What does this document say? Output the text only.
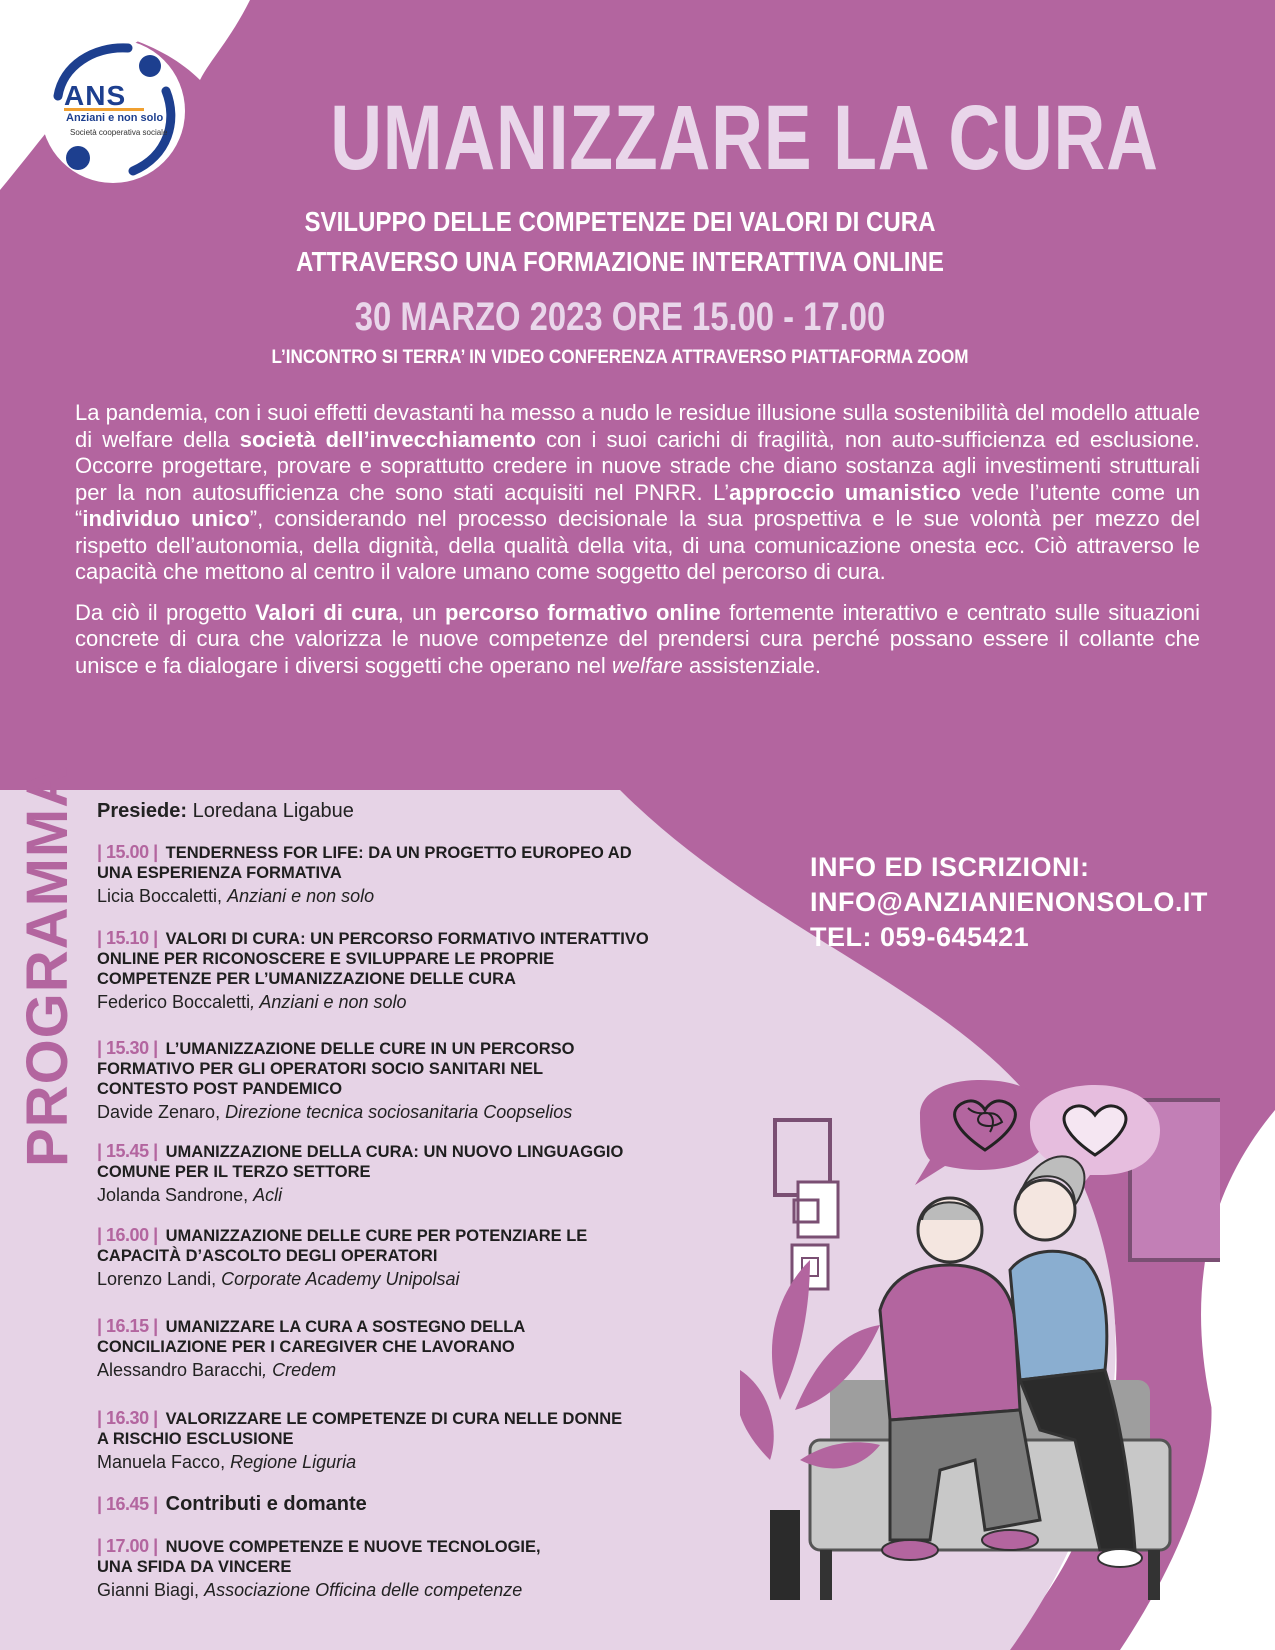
ANS
Anziani e non solo
Società cooperativa sociale UMANIZZARE LA CURA
SVILUPPO DELLE COMPETENZE DEI VALORI DI CURA
ATTRAVERSO UNA FORMAZIONE INTERATTIVA ONLINE
30 MARZO 2023 ORE 15.00 - 17.00
L’INCONTRO SI TERRA’ IN VIDEO CONFERENZA ATTRAVERSO PIATTAFORMA ZOOM

La pandemia, con i suoi effetti devastanti ha messo a nudo le residue illusione sulla sostenibilità del modello attuale di welfare della società dell’invecchiamento con i suoi carichi di fragilità, non auto-sufficienza ed esclusione. Occorre progettare, provare e soprattutto credere in nuove strade che diano sostanza agli investimenti strutturali per la non autosufficienza che sono stati acquisiti nel PNRR. L’approccio umanistico vede l’utente come un “individuo unico”, considerando nel processo decisionale la sua prospettiva e le sue volontà per mezzo del rispetto dell’autonomia, della dignità, della qualità della vita, di una comunicazione onesta ecc. Ciò attraverso le capacità che mettono al centro il valore umano come soggetto del percorso di cura.

Da ciò il progetto Valori di cura, un percorso formativo online fortemente interattivo e centrato sulle situazioni concrete di cura che valorizza le nuove competenze del prendersi cura perché possano essere il collante che unisce e fa dialogare i diversi soggetti che operano nel welfare assistenziale.

PROGRAMMA Presiede: Loredana Ligabue
| 15.00 | TENDERNESS FOR LIFE: DA UN PROGETTO EUROPEO AD
UNA ESPERIENZA FORMATIVA
Licia Boccaletti, Anziani e non solo
| 15.10 | VALORI DI CURA: UN PERCORSO FORMATIVO INTERATTIVO
ONLINE PER RICONOSCERE E SVILUPPARE LE PROPRIE
COMPETENZE PER L’UMANIZZAZIONE DELLE CURA
Federico Boccaletti, Anziani e non solo
| 15.30 | L’UMANIZZAZIONE DELLE CURE IN UN PERCORSO
FORMATIVO PER GLI OPERATORI SOCIO SANITARI NEL
CONTESTO POST PANDEMICO
Davide Zenaro, Direzione tecnica sociosanitaria Coopselios
| 15.45 | UMANIZZAZIONE DELLA CURA: UN NUOVO LINGUAGGIO
COMUNE PER IL TERZO SETTORE
Jolanda Sandrone, Acli
| 16.00 | UMANIZZAZIONE DELLE CURE PER POTENZIARE LE
CAPACITÀ D’ASCOLTO DEGLI OPERATORI
Lorenzo Landi, Corporate Academy Unipolsai
| 16.15 | UMANIZZARE LA CURA A SOSTEGNO DELLA
CONCILIAZIONE PER I CAREGIVER CHE LAVORANO
Alessandro Baracchi, Credem
| 16.30 | VALORIZZARE LE COMPETENZE DI CURA NELLE DONNE
A RISCHIO ESCLUSIONE
Manuela Facco, Regione Liguria
| 16.45 | Contributi e domante
| 17.00 | NUOVE COMPETENZE E NUOVE TECNOLOGIE,
UNA SFIDA DA VINCERE
Gianni Biagi, Associazione Officina delle competenze
INFO ED ISCRIZIONI:
INFO@ANZIANIENONSOLO.IT
TEL: 059-645421
